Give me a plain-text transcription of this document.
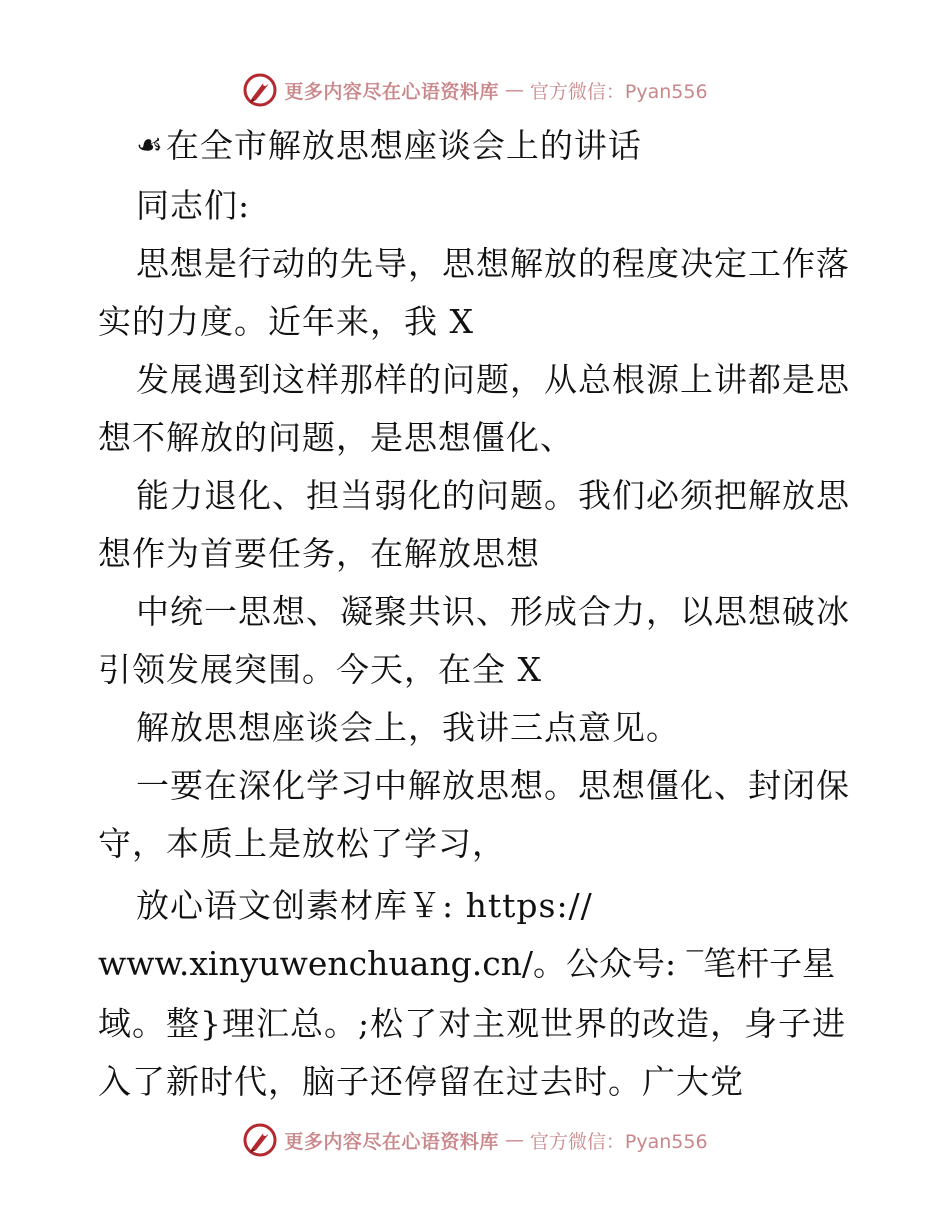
更多内容尽在心语资料库 — 官方微信：Pyan556
☙ 在全市解放思想座谈会上的讲话
同志们:
思想是行动的先导，思想解放的程度决定工作落
实的力度。近年来，我 X
发展遇到这样那样的问题，从总根源上讲都是思
想不解放的问题，是思想僵化、
能力退化、担当弱化的问题。我们必须把解放思
想作为首要任务，在解放思想
中统一思想、凝聚共识、形成合力，以思想破冰
引领发展突围。今天，在全 X
解放思想座谈会上，我讲三点意见。
一要在深化学习中解放思想。思想僵化、封闭保
守，本质上是放松了学习，
放心语文创素材库￥: https://
www.xinyuwenchuang.cn/。公众号: ‾笔杆子星
域。整}理汇总。;松了对主观世界的改造，身子进
入了新时代，脑子还停留在过去时。广大党
更多内容尽在心语资料库 — 官方微信：Pyan556
